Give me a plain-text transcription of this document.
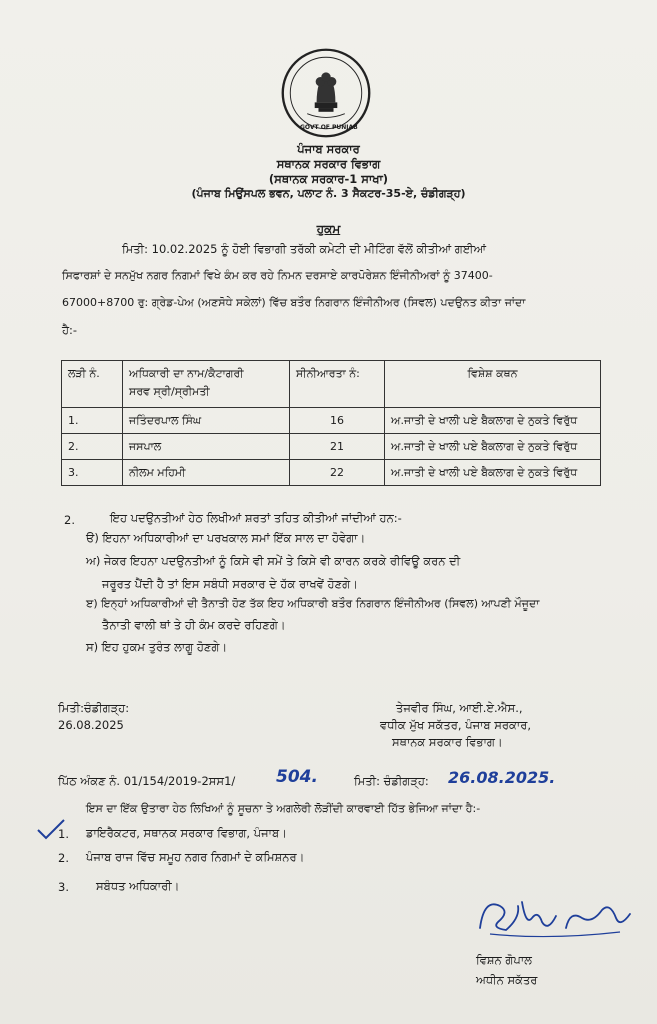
GOVT OF PUNJAB
ਪੰਜਾਬ ਸਰਕਾਰ
ਸਥਾਨਕ ਸਰਕਾਰ ਵਿਭਾਗ
(ਸਥਾਨਕ ਸਰਕਾਰ-1 ਸਾਖਾ)
(ਪੰਜਾਬ ਮਿਉਂਸਪਲ ਭਵਨ, ਪਲਾਟ ਨੰ. 3 ਸੈਕਟਰ-35-ਏ, ਚੰਡੀਗੜ੍ਹ)
ਹੁਕਮ
ਮਿਤੀ: 10.02.2025 ਨੂੰ ਹੋਈ ਵਿਭਾਗੀ ਤਰੱਕੀ ਕਮੇਟੀ ਦੀ ਮੀਟਿੰਗ ਵੱਲੋਂ ਕੀਤੀਆਂ ਗਈਆਂ
ਸਿਫਾਰਸ਼ਾਂ ਦੇ ਸਨਮੁੱਖ ਨਗਰ ਨਿਗਮਾਂ ਵਿਖੇ ਕੰਮ ਕਰ ਰਹੇ ਨਿਮਨ ਦਰਸਾਏ ਕਾਰਪੋਰੇਸ਼ਨ ਇੰਜੀਨੀਅਰਾਂ ਨੂੰ 37400-
67000+8700 ਰੁ: ਗ੍ਰੇਡ-ਪੇਅ (ਅਣਸੋਧੇ ਸਕੇਲਾਂ) ਵਿੱਚ ਬਤੌਰ ਨਿਗਰਾਨ ਇੰਜੀਨੀਅਰ (ਸਿਵਲ) ਪਦਉਨਤ ਕੀਤਾ ਜਾਂਦਾ
ਹੈ:-
ਲੜੀ ਨੰ.	ਅਧਿਕਾਰੀ ਦਾ ਨਾਮ/ਕੈਟਾਗਰੀ
ਸਰਵ ਸ੍ਰੀ/ਸ੍ਰੀਮਤੀ	ਸੀਨੀਆਰਤਾ ਨੰ:	ਵਿਸ਼ੇਸ਼ ਕਥਨ
1.	ਜਤਿੰਦਰਪਾਲ ਸਿੰਘ	16	ਅ.ਜਾਤੀ ਦੇ ਖਾਲੀ ਪਏ ਬੈਕਲਾਗ ਦੇ ਨੁਕਤੇ ਵਿਰੁੱਧ
2.	ਜਸਪਾਲ	21	ਅ.ਜਾਤੀ ਦੇ ਖਾਲੀ ਪਏ ਬੈਕਲਾਗ ਦੇ ਨੁਕਤੇ ਵਿਰੁੱਧ
3.	ਨੀਲਮ ਮਹਿਮੀ	22	ਅ.ਜਾਤੀ ਦੇ ਖਾਲੀ ਪਏ ਬੈਕਲਾਗ ਦੇ ਨੁਕਤੇ ਵਿਰੁੱਧ
2.	ਇਹ ਪਦਉਨਤੀਆਂ ਹੇਠ ਲਿਖੀਆਂ ਸ਼ਰਤਾਂ ਤਹਿਤ ਕੀਤੀਆਂ ਜਾਂਦੀਆਂ ਹਨ:-
ੳ) ਇਹਨਾ ਅਧਿਕਾਰੀਆਂ ਦਾ ਪਰਖਕਾਲ ਸਮਾਂ ਇੱਕ ਸਾਲ ਦਾ ਹੋਵੇਗਾ।
ਅ) ਜੇਕਰ ਇਹਨਾ ਪਦਉਨਤੀਆਂ ਨੂੰ ਕਿਸੇ ਵੀ ਸਮੇਂ ਤੇ ਕਿਸੇ ਵੀ ਕਾਰਨ ਕਰਕੇ ਰੀਵਿਊ ਕਰਨ ਦੀ
ਜਰੂਰਤ ਪੈਂਦੀ ਹੈ ਤਾਂ ਇਸ ਸਬੰਧੀ ਸਰਕਾਰ ਦੇ ਹੱਕ ਰਾਖਵੇਂ ਹੋਣਗੇ।
ੲ) ਇਨ੍ਹਾਂ ਅਧਿਕਾਰੀਆਂ ਦੀ ਤੈਨਾਤੀ ਹੋਣ ਤੱਕ ਇਹ ਅਧਿਕਾਰੀ ਬਤੌਰ ਨਿਗਰਾਨ ਇੰਜੀਨੀਅਰ (ਸਿਵਲ) ਆਪਣੀ ਮੌਜੂਦਾ
ਤੈਨਾਤੀ ਵਾਲੀ ਥਾਂ ਤੇ ਹੀ ਕੰਮ ਕਰਦੇ ਰਹਿਣਗੇ।
ਸ) ਇਹ ਹੁਕਮ ਤੁਰੰਤ ਲਾਗੂ ਹੋਣਗੇ।
ਮਿਤੀ:ਚੰਡੀਗੜ੍ਹ:
26.08.2025
ਤੇਜਵੀਰ ਸਿੰਘ, ਆਈ.ਏ.ਐਸ.,
ਵਧੀਕ ਮੁੱਖ ਸਕੱਤਰ, ਪੰਜਾਬ ਸਰਕਾਰ,
ਸਥਾਨਕ ਸਰਕਾਰ ਵਿਭਾਗ।
ਪਿੱਠ ਅੰਕਣ ਨੰ. 01/154/2019-2ਸਸ1/ 504.	ਮਿਤੀ: ਚੰਡੀਗੜ੍ਹ: 26.08.2025.
ਇਸ ਦਾ ਇੱਕ ਉਤਾਰਾ ਹੇਠ ਲਿਖਿਆਂ ਨੂੰ ਸੂਚਨਾ ਤੇ ਅਗਲੇਰੀ ਲੋੜੀਂਦੀ ਕਾਰਵਾਈ ਹਿੱਤ ਭੇਜਿਆ ਜਾਂਦਾ ਹੈ:-
1. ਡਾਇਰੈਕਟਰ, ਸਥਾਨਕ ਸਰਕਾਰ ਵਿਭਾਗ, ਪੰਜਾਬ।
2. ਪੰਜਾਬ ਰਾਜ ਵਿੱਚ ਸਮੂਹ ਨਗਰ ਨਿਗਮਾਂ ਦੇ ਕਮਿਸ਼ਨਰ।
3. ਸਬੰਧਤ ਅਧਿਕਾਰੀ।
ਵਿਸ਼ਨ ਗੋਪਾਲ
ਅਧੀਨ ਸਕੱਤਰ
